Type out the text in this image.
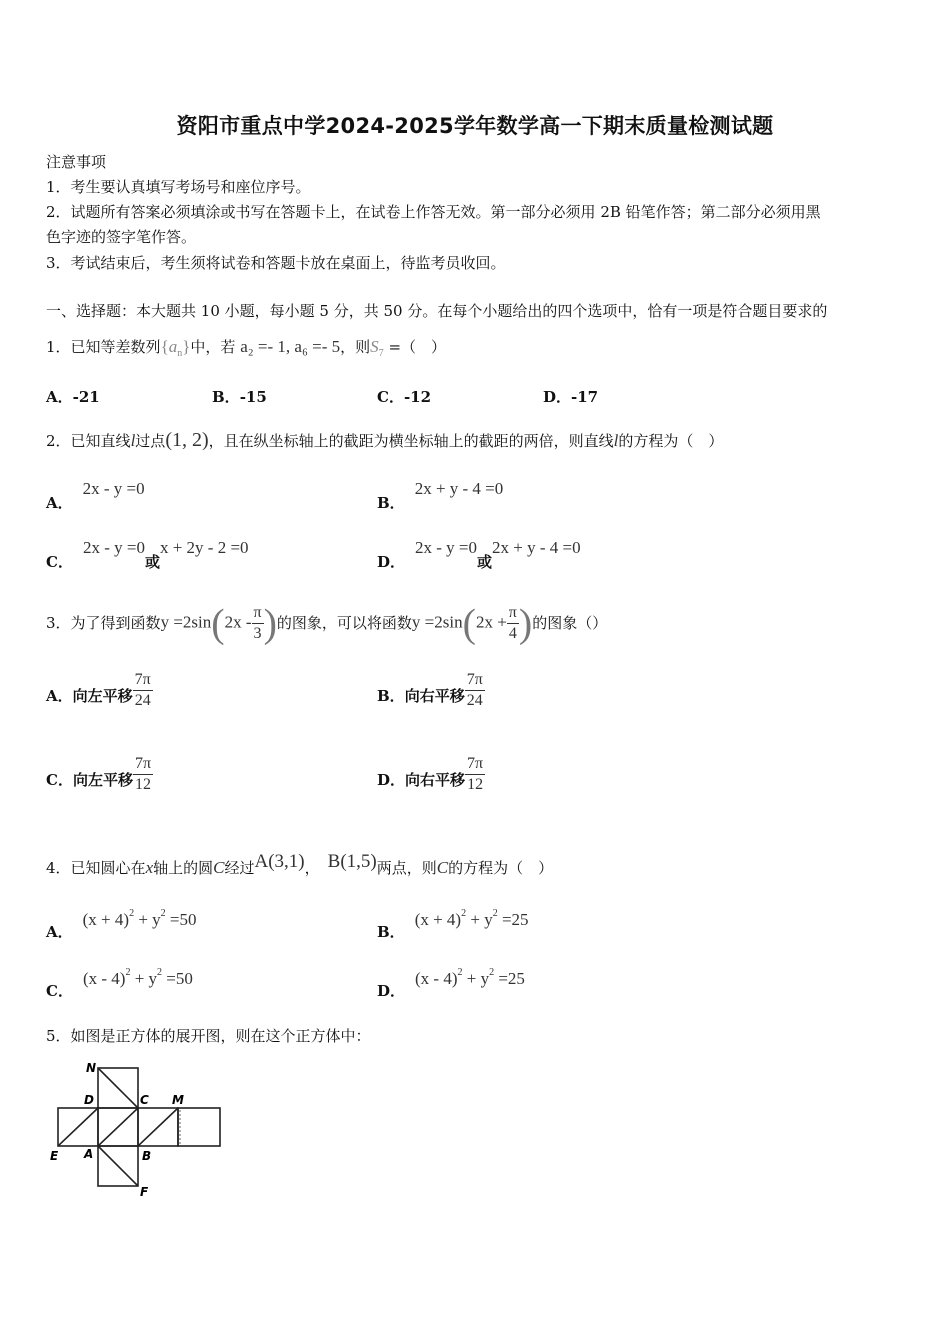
资阳市重点中学2024-2025学年数学高一下期末质量检测试题
注意事项
1．考生要认真填写考场号和座位序号。
2．试题所有答案必须填涂或书写在答题卡上，在试卷上作答无效。第一部分必须用 2B 铅笔作答；第二部分必须用黑
色字迹的签字笔作答。
3．考试结束后，考生须将试卷和答题卡放在桌面上，待监考员收回。
一、选择题：本大题共 10 小题，每小题 5 分，共 50 分。在每个小题给出的四个选项中，恰有一项是符合题目要求的
1．已知等差数列$\{a_n\}$中，若 a₂ =- 1, a₆ =- 5，则$S_7$ =（　）
A．-21	B．-15	C．-12	D．-17
2．已知直线l过点(1, 2)，且在纵坐标轴上的截距为横坐标轴上的截距的两倍，则直线l的方程为（　）
A．2x - y =0
B．2x + y - 4 =0
C．2x - y =0或x + 2y - 2 =0
D．2x - y =0或2x + y - 4 =0
3． 为了得到函数 $y =2\sin(2x - \frac{\pi}{3}$ ) 的图象，可以将函数 $y =2\sin(2x + \frac{\pi}{4}$ ) 的图象（）
A． 向左平移 $\frac{7\pi}{24}$	B． 向右平移 $\frac{7\pi}{24}$
C． 向左平移 $\frac{7\pi}{12}$	D． 向右平移 $\frac{7\pi}{12}$
4．已知圆心在x轴上的圆C经过A(3,1)， B(1,5)两点，则C的方程为（　）
A．$(x + 4)^2 + y^2 =50$
B．$(x + 4)^2 + y^2 =25$
C．$(x - 4)^2 + y^2 =50$
D．$(x - 4)^2 + y^2 =25$
5．如图是正方体的展开图，则在这个正方体中：
N
D	C M
E A	B
F
